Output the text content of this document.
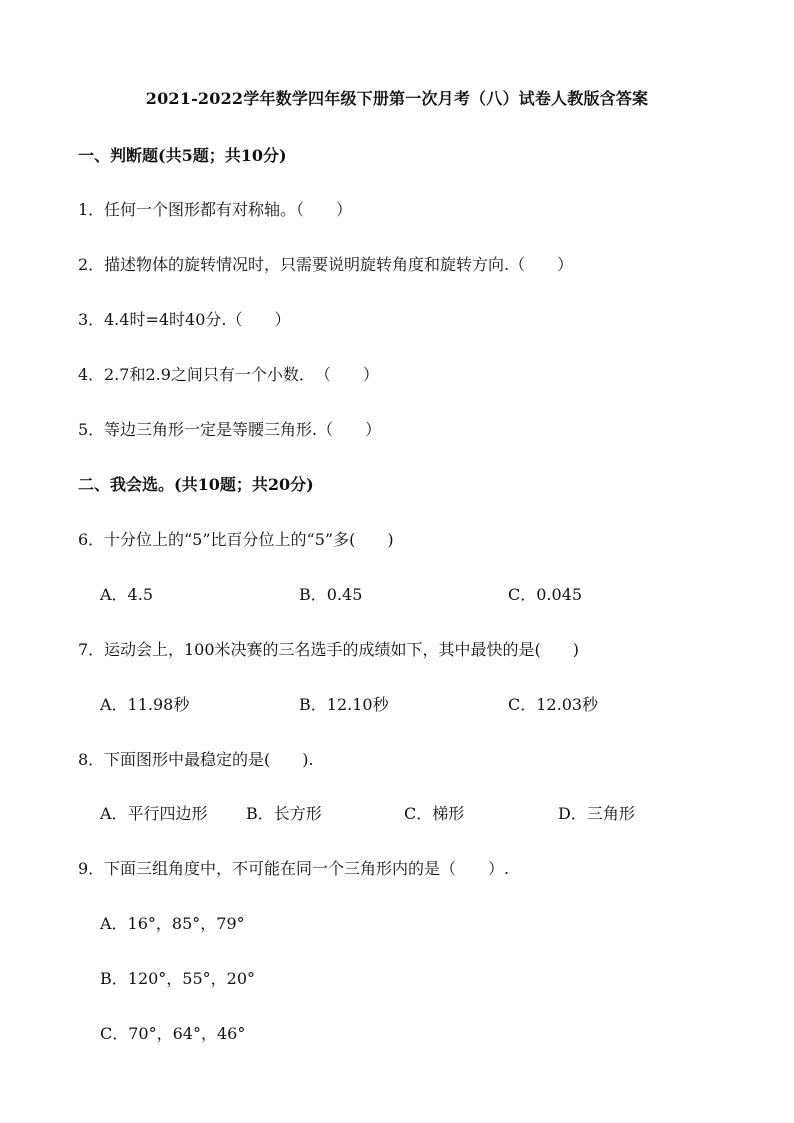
2021-2022学年数学四年级下册第一次月考（八）试卷人教版含答案
一、判断题(共5题；共10分)
1．任何一个图形都有对称轴。（　　）
2．描述物体的旋转情况时，只需要说明旋转角度和旋转方向.（　　）
3．4.4时=4时40分.（　　）
4．2.7和2.9之间只有一个小数．　（　　）
5．等边三角形一定是等腰三角形.（　　）
二、我会选。(共10题；共20分)
6．十分位上的“5”比百分位上的“5”多(　　)
A．4.5	B．0.45	C．0.045
7．运动会上，100米决赛的三名选手的成绩如下，其中最快的是(　　)
A．11.98秒	B．12.10秒	C．12.03秒
8．下面图形中最稳定的是(　　).
A．平行四边形 B．长方形	C．梯形	D．三角形
9．下面三组角度中，不可能在同一个三角形内的是（　　）.
A．16°，85°，79°
B．120°，55°，20°
C．70°，64°，46°
